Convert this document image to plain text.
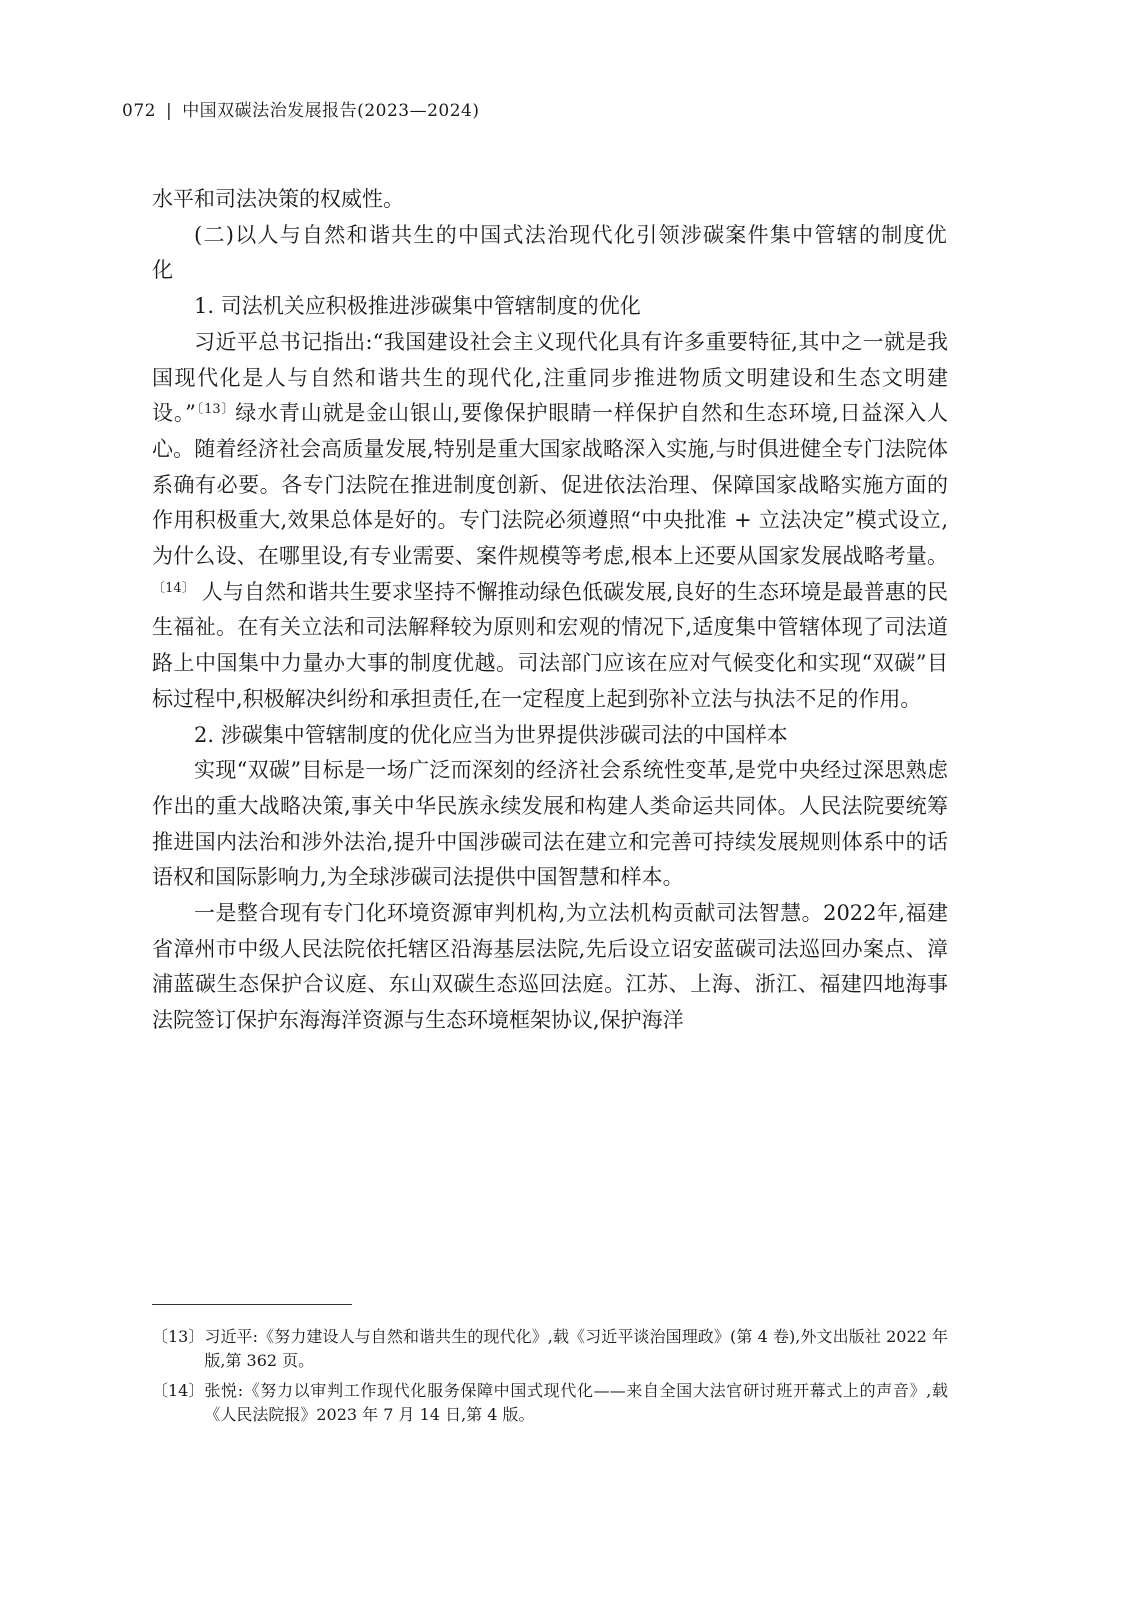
072 | 中国双碳法治发展报告(2023—2024)

水平和司法决策的权威性。

(二)以人与自然和谐共生的中国式法治现代化引领涉碳案件集中管辖的制度优化

1. 司法机关应积极推进涉碳集中管辖制度的优化

习近平总书记指出:“我国建设社会主义现代化具有许多重要特征,其中之一就是我国现代化是人与自然和谐共生的现代化,注重同步推进物质文明建设和生态文明建设。”$^{〔13〕}$绿水青山就是金山银山,要像保护眼睛一样保护自然和生态环境,日益深入人心。随着经济社会高质量发展,特别是重大国家战略深入实施,与时俱进健全专门法院体系确有必要。各专门法院在推进制度创新、促进依法治理、保障国家战略实施方面的作用积极重大,效果总体是好的。专门法院必须遵照“中央批准 + 立法决定”模式设立,为什么设、在哪里设,有专业需要、案件规模等考虑,根本上还要从国家发展战略考量。$^{〔14〕}$ 人与自然和谐共生要求坚持不懈推动绿色低碳发展,良好的生态环境是最普惠的民生福祉。在有关立法和司法解释较为原则和宏观的情况下,适度集中管辖体现了司法道路上中国集中力量办大事的制度优越。司法部门应该在应对气候变化和实现“双碳”目标过程中,积极解决纠纷和承担责任,在一定程度上起到弥补立法与执法不足的作用。

2. 涉碳集中管辖制度的优化应当为世界提供涉碳司法的中国样本

实现“双碳”目标是一场广泛而深刻的经济社会系统性变革,是党中央经过深思熟虑作出的重大战略决策,事关中华民族永续发展和构建人类命运共同体。人民法院要统筹推进国内法治和涉外法治,提升中国涉碳司法在建立和完善可持续发展规则体系中的话语权和国际影响力,为全球涉碳司法提供中国智慧和样本。

一是整合现有专门化环境资源审判机构,为立法机构贡献司法智慧。2022年,福建省漳州市中级人民法院依托辖区沿海基层法院,先后设立诏安蓝碳司法巡回办案点、漳浦蓝碳生态保护合议庭、东山双碳生态巡回法庭。江苏、上海、浙江、福建四地海事法院签订保护东海海洋资源与生态环境框架协议,保护海洋

〔13〕 习近平:《努力建设人与自然和谐共生的现代化》,载《习近平谈治国理政》(第 4 卷),外文出版社 2022 年版,第 362 页。
〔14〕 张悦:《努力以审判工作现代化服务保障中国式现代化——来自全国大法官研讨班开幕式上的声音》,载《人民法院报》2023 年 7 月 14 日,第 4 版。
